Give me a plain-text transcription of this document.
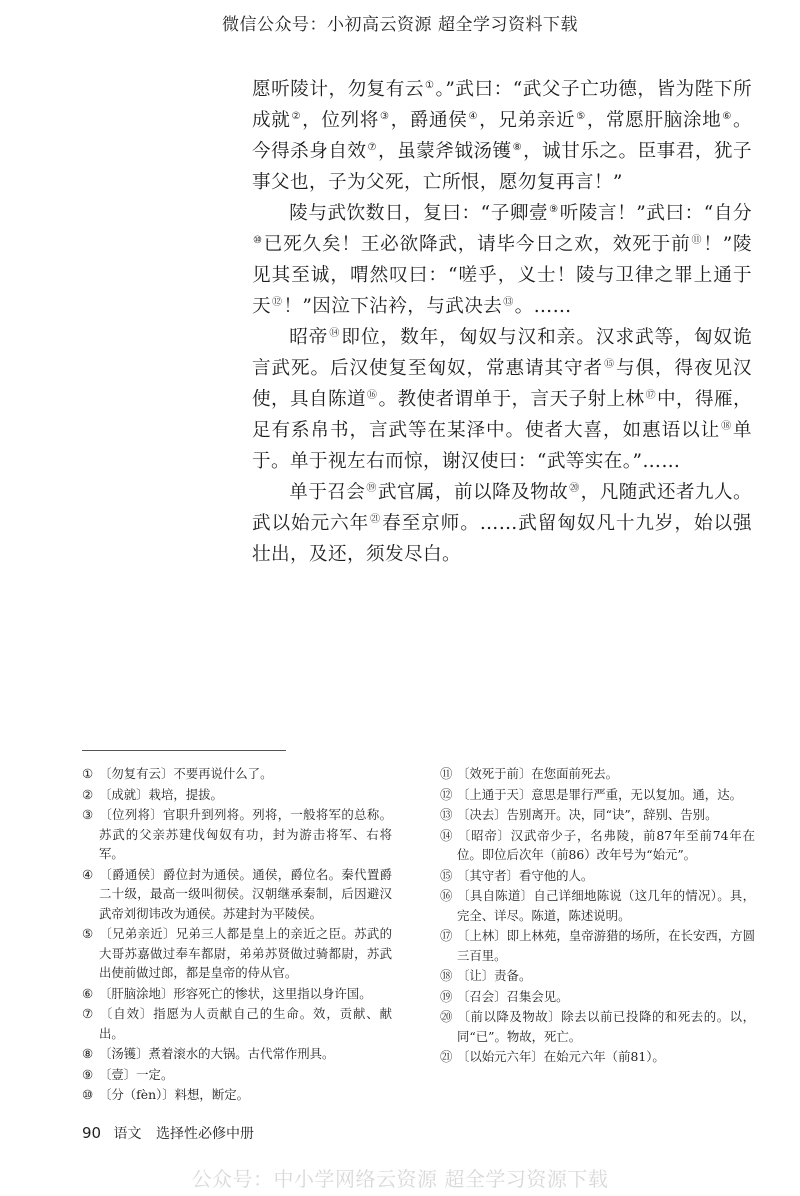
微信公众号：小初高云资源 超全学习资料下载

愿听陵计，勿复有云①。”武曰：“武父子亡功德，皆为陛下所成就②，位列将③，爵通侯④，兄弟亲近⑤，常愿肝脑涂地⑥。今得杀身自效⑦，虽蒙斧钺汤镬⑧，诚甘乐之。臣事君，犹子事父也，子为父死，亡所恨，愿勿复再言！”

陵与武饮数日，复曰：“子卿壹⑨听陵言！”武曰：“自分⑩已死久矣！王必欲降武，请毕今日之欢，效死于前⑪！”陵见其至诚，喟然叹曰：“嗟乎，义士！陵与卫律之罪上通于天⑫！”因泣下沾衿，与武决去⑬。……

昭帝⑭即位，数年，匈奴与汉和亲。汉求武等，匈奴诡言武死。后汉使复至匈奴，常惠请其守者⑮与俱，得夜见汉使，具自陈道⑯。教使者谓单于，言天子射上林⑰中，得雁，足有系帛书，言武等在某泽中。使者大喜，如惠语以让⑱单于。单于视左右而惊，谢汉使曰：“武等实在。”……

单于召会⑲武官属，前以降及物故⑳，凡随武还者九人。武以始元六年$^㉑$春至京师。……武留匈奴凡十九岁，始以强壮出，及还，须发尽白。

① 〔勿复有云〕不要再说什么了。
② 〔成就〕栽培，提拔。
③ 〔位列将〕官职升到列将。列将，一般将军的总称。苏武的父亲苏建伐匈奴有功，封为游击将军、右将军。
④ 〔爵通侯〕爵位封为通侯。通侯，爵位名。秦代置爵二十级，最高一级叫彻侯。汉朝继承秦制，后因避汉武帝刘彻讳改为通侯。苏建封为平陵侯。
⑤ 〔兄弟亲近〕兄弟三人都是皇上的亲近之臣。苏武的大哥苏嘉做过奉车都尉，弟弟苏贤做过骑都尉，苏武出使前做过郎，都是皇帝的侍从官。
⑥ 〔肝脑涂地〕形容死亡的惨状，这里指以身许国。
⑦ 〔自效〕指愿为人贡献自己的生命。效，贡献、献出。
⑧ 〔汤镬〕煮着滚水的大锅。古代常作刑具。
⑨ 〔壹〕一定。
⑩ 〔分（fèn）〕料想，断定。
⑪ 〔效死于前〕在您面前死去。
⑫ 〔上通于天〕意思是罪行严重，无以复加。通，达。
⑬ 〔决去〕告别离开。决，同“诀”，辞别、告别。
⑭ 〔昭帝〕汉武帝少子，名弗陵，前87年至前74年在位。即位后次年（前86）改年号为“始元”。
⑮ 〔其守者〕看守他的人。
⑯ 〔具自陈道〕自己详细地陈说（这几年的情况）。具，完全、详尽。陈道，陈述说明。
⑰ 〔上林〕即上林苑，皇帝游猎的场所，在长安西，方圆三百里。
⑱ 〔让〕责备。
⑲ 〔召会〕召集会见。
⑳ 〔前以降及物故〕除去以前已投降的和死去的。以，同“已”。物故，死亡。
㉑ 〔以始元六年〕在始元六年（前81）。
90 语文 选择性必修中册
公众号：中小学网络云资源 超全学习资源下载
